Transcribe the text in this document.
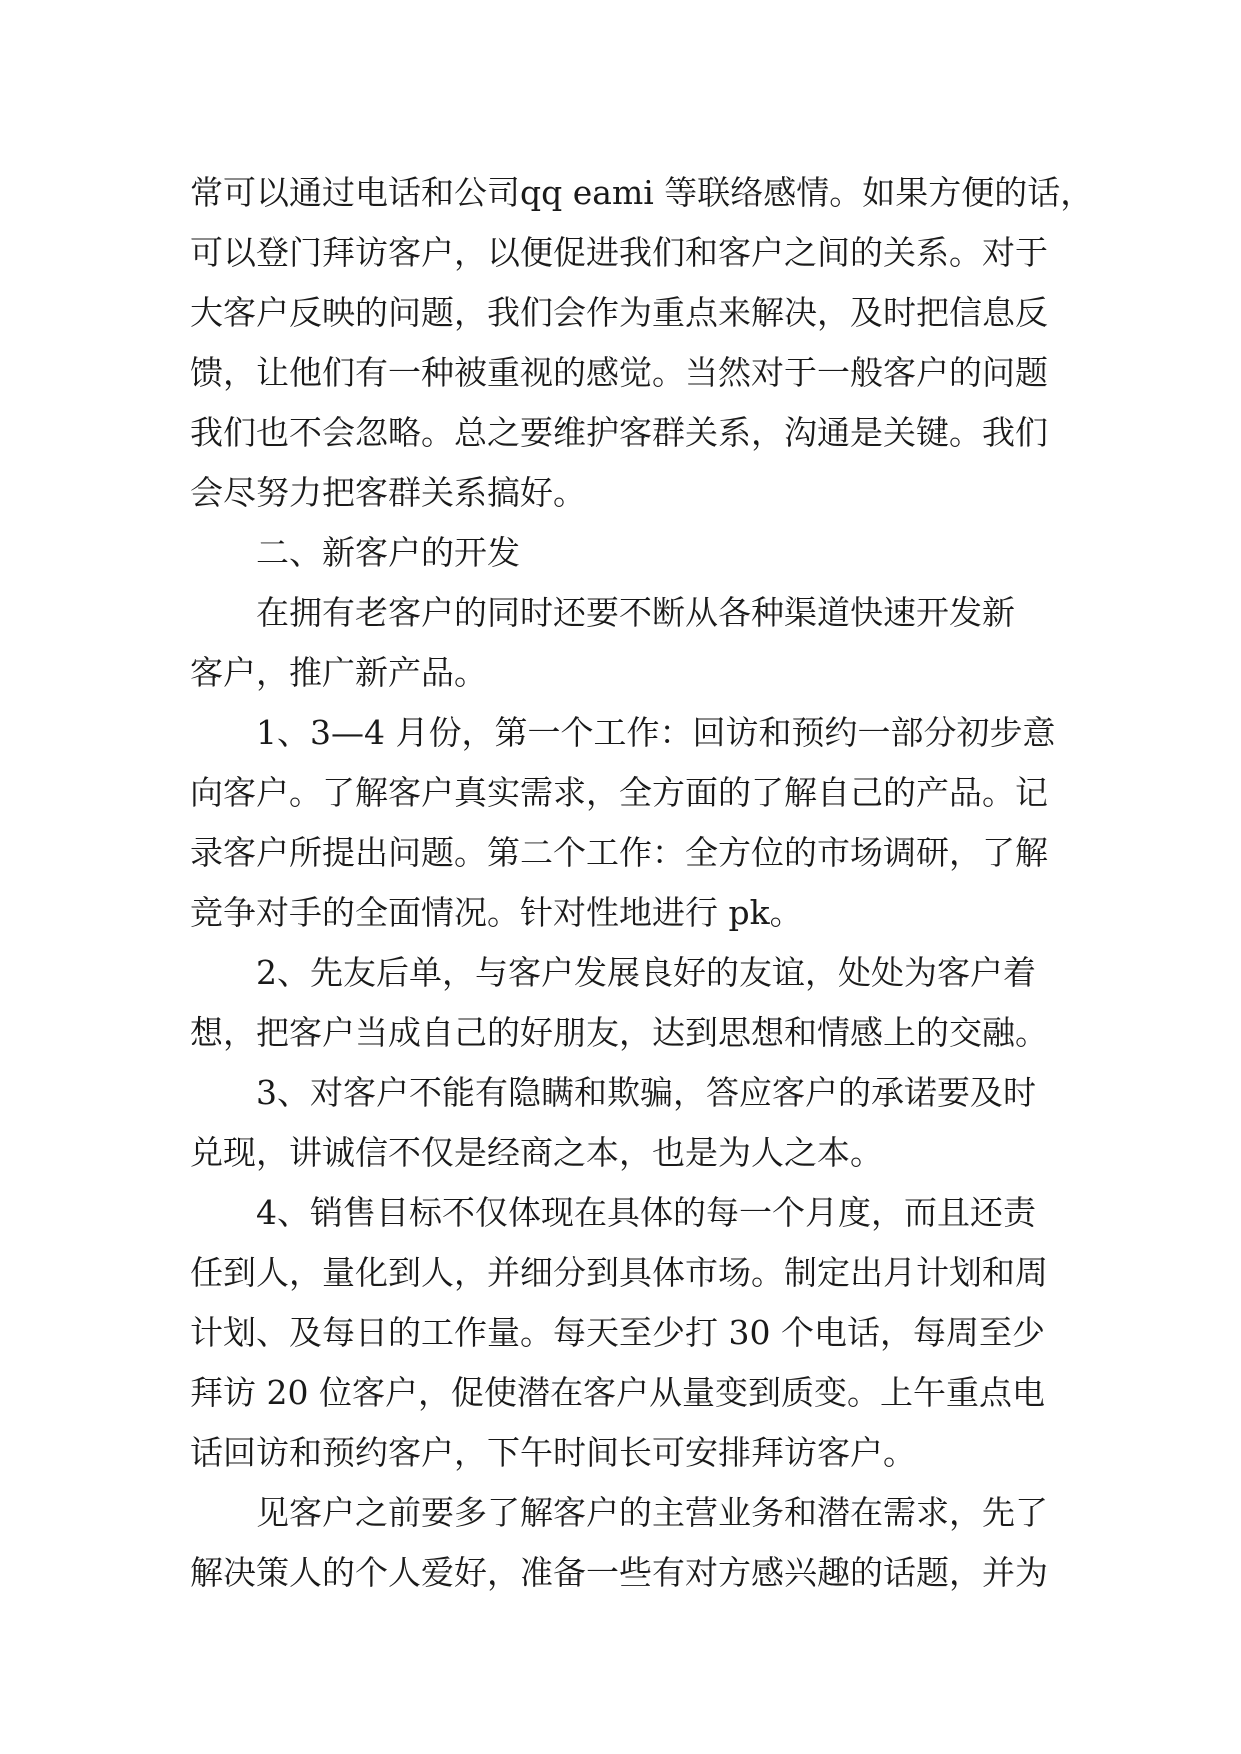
常可以通过电话和公司qq eami 等联络感情。如果方便的话，
可以登门拜访客户，以便促进我们和客户之间的关系。对于
大客户反映的问题，我们会作为重点来解决，及时把信息反
馈，让他们有一种被重视的感觉。当然对于一般客户的问题
我们也不会忽略。总之要维护客群关系，沟通是关键。我们
会尽努力把客群关系搞好。
二、新客户的开发
在拥有老客户的同时还要不断从各种渠道快速开发新
客户，推广新产品。
1、3—4 月份，第一个工作：回访和预约一部分初步意
向客户。了解客户真实需求，全方面的了解自己的产品。记
录客户所提出问题。第二个工作：全方位的市场调研，了解
竞争对手的全面情况。针对性地进行 pk。
2、先友后单，与客户发展良好的友谊，处处为客户着
想，把客户当成自己的好朋友，达到思想和情感上的交融。
3、对客户不能有隐瞒和欺骗，答应客户的承诺要及时
兑现，讲诚信不仅是经商之本，也是为人之本。
4、销售目标不仅体现在具体的每一个月度，而且还责
任到人，量化到人，并细分到具体市场。制定出月计划和周
计划、及每日的工作量。每天至少打 30 个电话，每周至少
拜访 20 位客户，促使潜在客户从量变到质变。上午重点电
话回访和预约客户，下午时间长可安排拜访客户。
见客户之前要多了解客户的主营业务和潜在需求，先了
解决策人的个人爱好，准备一些有对方感兴趣的话题，并为
